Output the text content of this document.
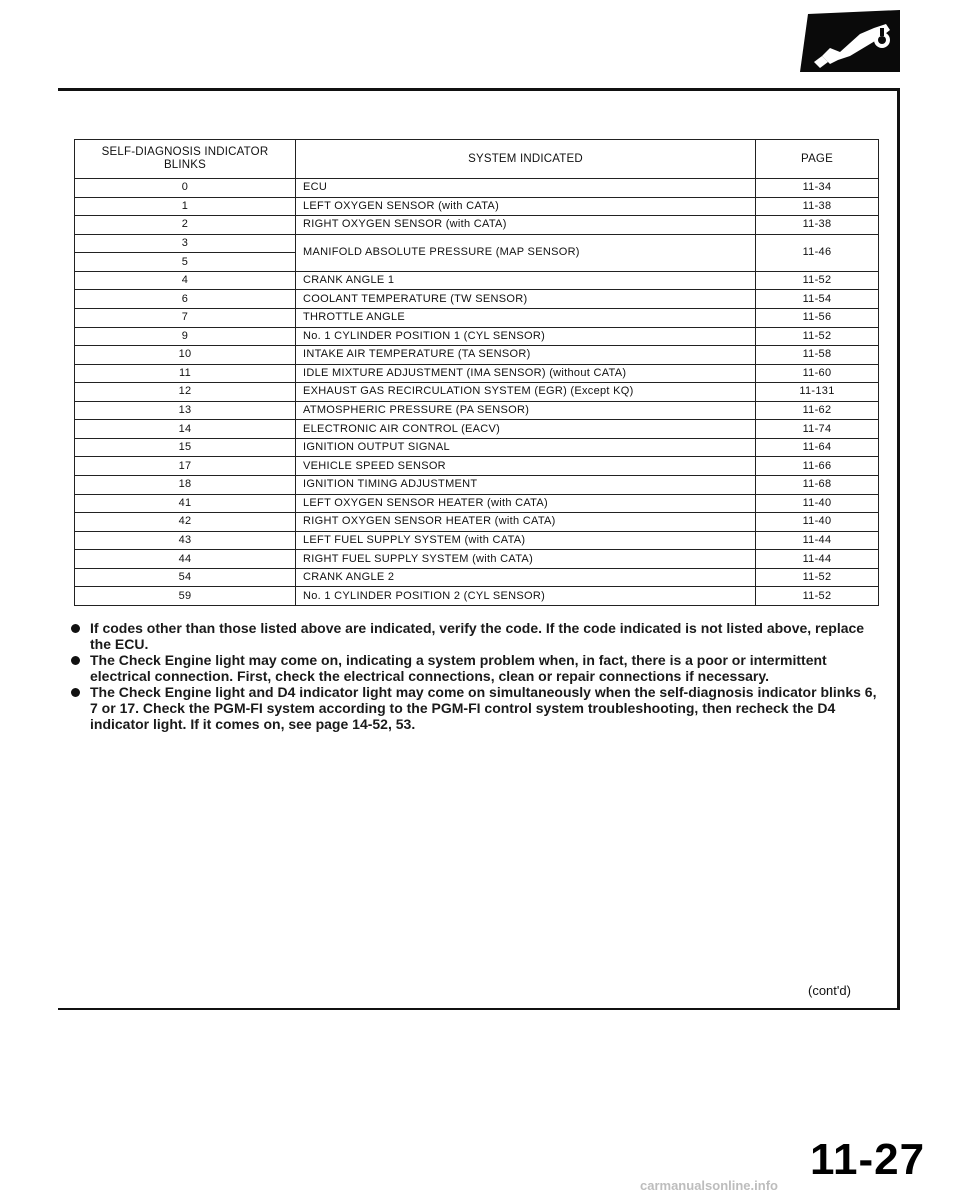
SELF-DIAGNOSIS INDICATOR BLINKS	SYSTEM INDICATED	PAGE
0	ECU	11-34
1	LEFT OXYGEN SENSOR (with CATA)	11-38
2	RIGHT OXYGEN SENSOR (with CATA)	11-38
3	MANIFOLD ABSOLUTE PRESSURE (MAP SENSOR)	11-46
5		
4	CRANK ANGLE 1	11-52
6	COOLANT TEMPERATURE (TW SENSOR)	11-54
7	THROTTLE ANGLE	11-56
9	No. 1 CYLINDER POSITION 1 (CYL SENSOR)	11-52
10	INTAKE AIR TEMPERATURE (TA SENSOR)	11-58
11	IDLE MIXTURE ADJUSTMENT (IMA SENSOR) (without CATA)	11-60
12	EXHAUST GAS RECIRCULATION SYSTEM (EGR) (Except KQ)	11-131
13	ATMOSPHERIC PRESSURE (PA SENSOR)	11-62
14	ELECTRONIC AIR CONTROL (EACV)	11-74
15	IGNITION OUTPUT SIGNAL	11-64
17	VEHICLE SPEED SENSOR	11-66
18	IGNITION TIMING ADJUSTMENT	11-68
41	LEFT OXYGEN SENSOR HEATER (with CATA)	11-40
42	RIGHT OXYGEN SENSOR HEATER (with CATA)	11-40
43	LEFT FUEL SUPPLY SYSTEM (with CATA)	11-44
44	RIGHT FUEL SUPPLY SYSTEM (with CATA)	11-44
54	CRANK ANGLE 2	11-52
59	No. 1 CYLINDER POSITION 2 (CYL SENSOR)	11-52
If codes other than those listed above are indicated, verify the code. If the code indicated is not listed above, replace the ECU.
The Check Engine light may come on, indicating a system problem when, in fact, there is a poor or intermittent electrical connection. First, check the electrical connections, clean or repair connections if necessary.
The Check Engine light and D4 indicator light may come on simultaneously when the self-diagnosis indicator blinks 6, 7 or 17. Check the PGM-FI system according to the PGM-FI control system troubleshooting, then recheck the D4 indicator light. If it comes on, see page 14-52, 53.
(cont'd)
11-27
carmanualsonline.info
